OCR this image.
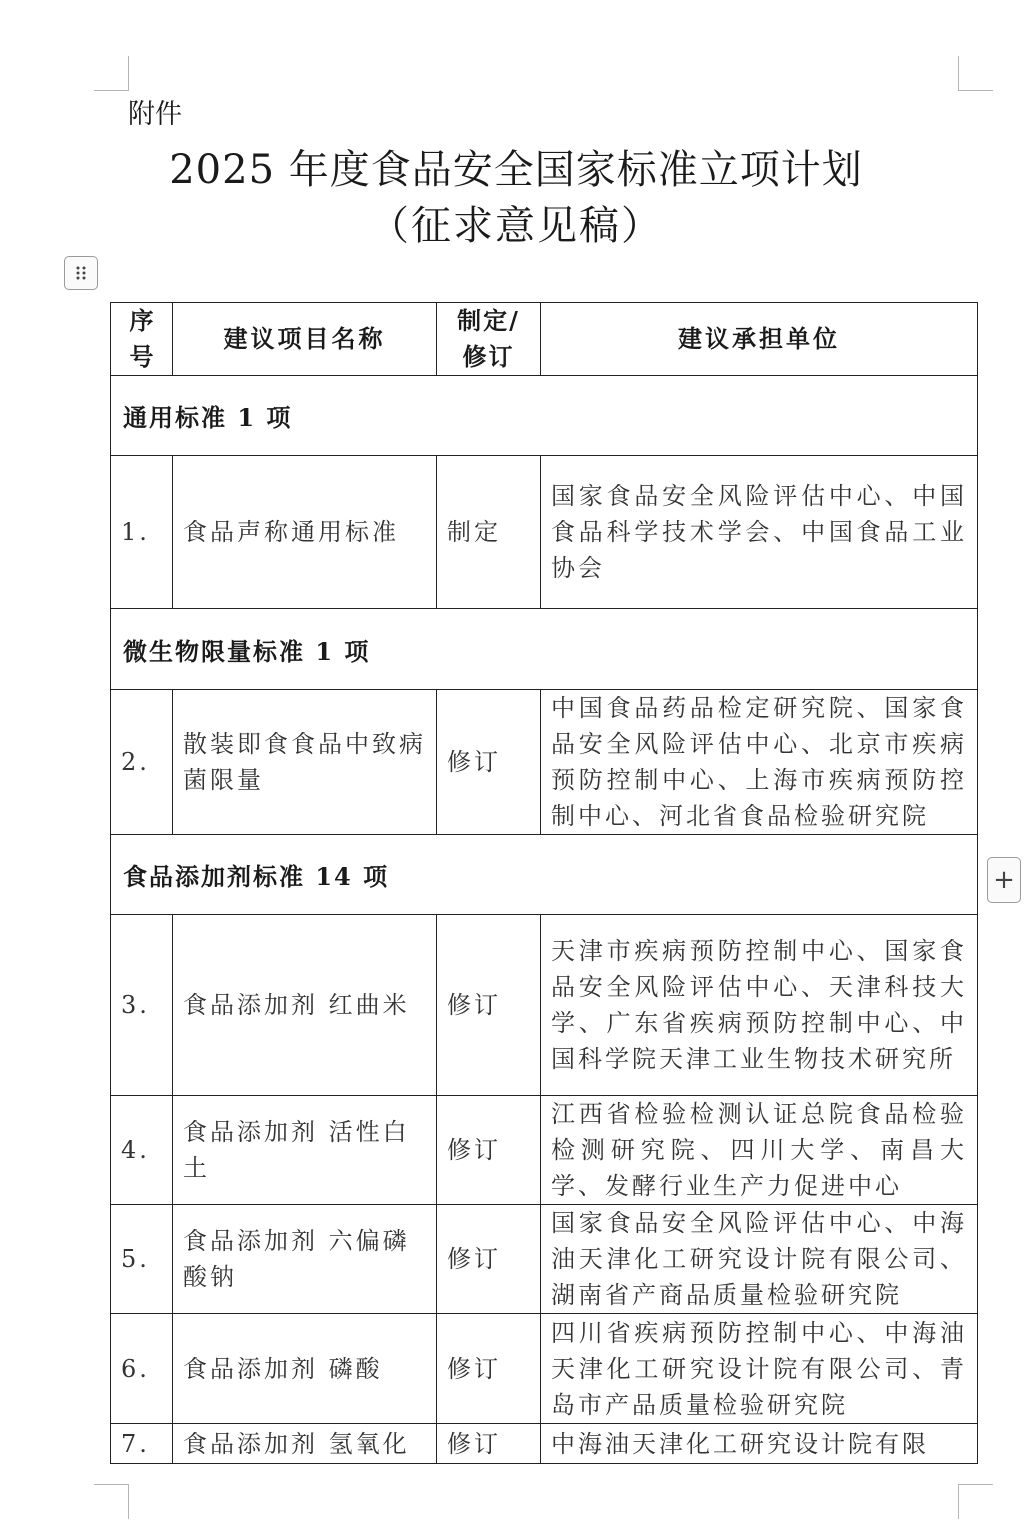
附件
2025 年度食品安全国家标准立项计划
（征求意见稿）
+
序号	建议项目名称	制定/修订	建议承担单位
通用标准 1 项			
1.	食品声称通用标准	制定	国家食品安全风险评估中心、中国食品科学技术学会、中国食品工业协会
微生物限量标准 1 项			
2.	散装即食食品中致病菌限量	修订	中国食品药品检定研究院、国家食品安全风险评估中心、北京市疾病预防控制中心、上海市疾病预防控制中心、河北省食品检验研究院
食品添加剂标准 14 项			
3.	食品添加剂 红曲米	修订	天津市疾病预防控制中心、国家食品安全风险评估中心、天津科技大学、广东省疾病预防控制中心、中国科学院天津工业生物技术研究所
4.	食品添加剂 活性白土	修订	江西省检验检测认证总院食品检验检测研究院、四川大学、南昌大学、发酵行业生产力促进中心
5.	食品添加剂 六偏磷酸钠	修订	国家食品安全风险评估中心、中海油天津化工研究设计院有限公司、湖南省产商品质量检验研究院
6.	食品添加剂 磷酸	修订	四川省疾病预防控制中心、中海油天津化工研究设计院有限公司、青岛市产品质量检验研究院
7.	食品添加剂 氢氧化	修订	中海油天津化工研究设计院有限
